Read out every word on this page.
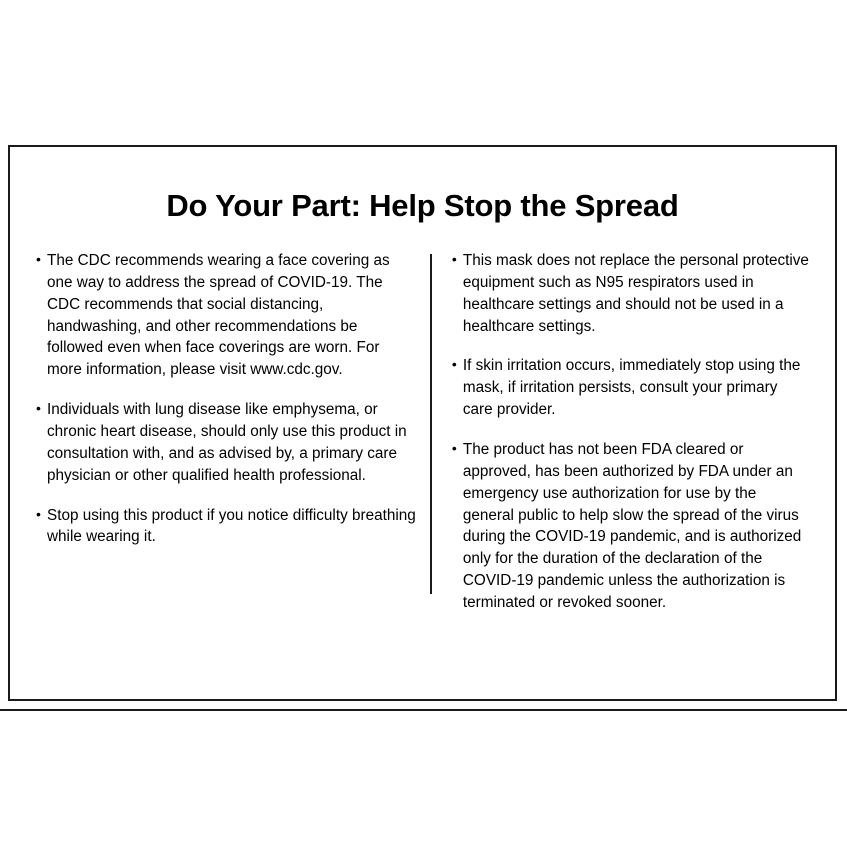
Do Your Part: Help Stop the Spread
• The CDC recommends wearing a face covering as one way to address the spread of COVID-19. The CDC recommends that social distancing, handwashing, and other recommendations be followed even when face coverings are worn. For more information, please visit www.cdc.gov.
• Individuals with lung disease like emphysema, or chronic heart disease, should only use this product in consultation with, and as advised by, a primary care physician or other qualified health professional.
• Stop using this product if you notice difficulty breathing while wearing it.
• This mask does not replace the personal protective equipment such as N95 respirators used in healthcare settings and should not be used in a healthcare settings.
• If skin irritation occurs, immediately stop using the mask, if irritation persists, consult your primary care provider.
• The product has not been FDA cleared or approved, has been authorized by FDA under an emergency use authorization for use by the general public to help slow the spread of the virus during the COVID-19 pandemic, and is authorized only for the duration of the declaration of the COVID-19 pandemic unless the authorization is terminated or revoked sooner.
